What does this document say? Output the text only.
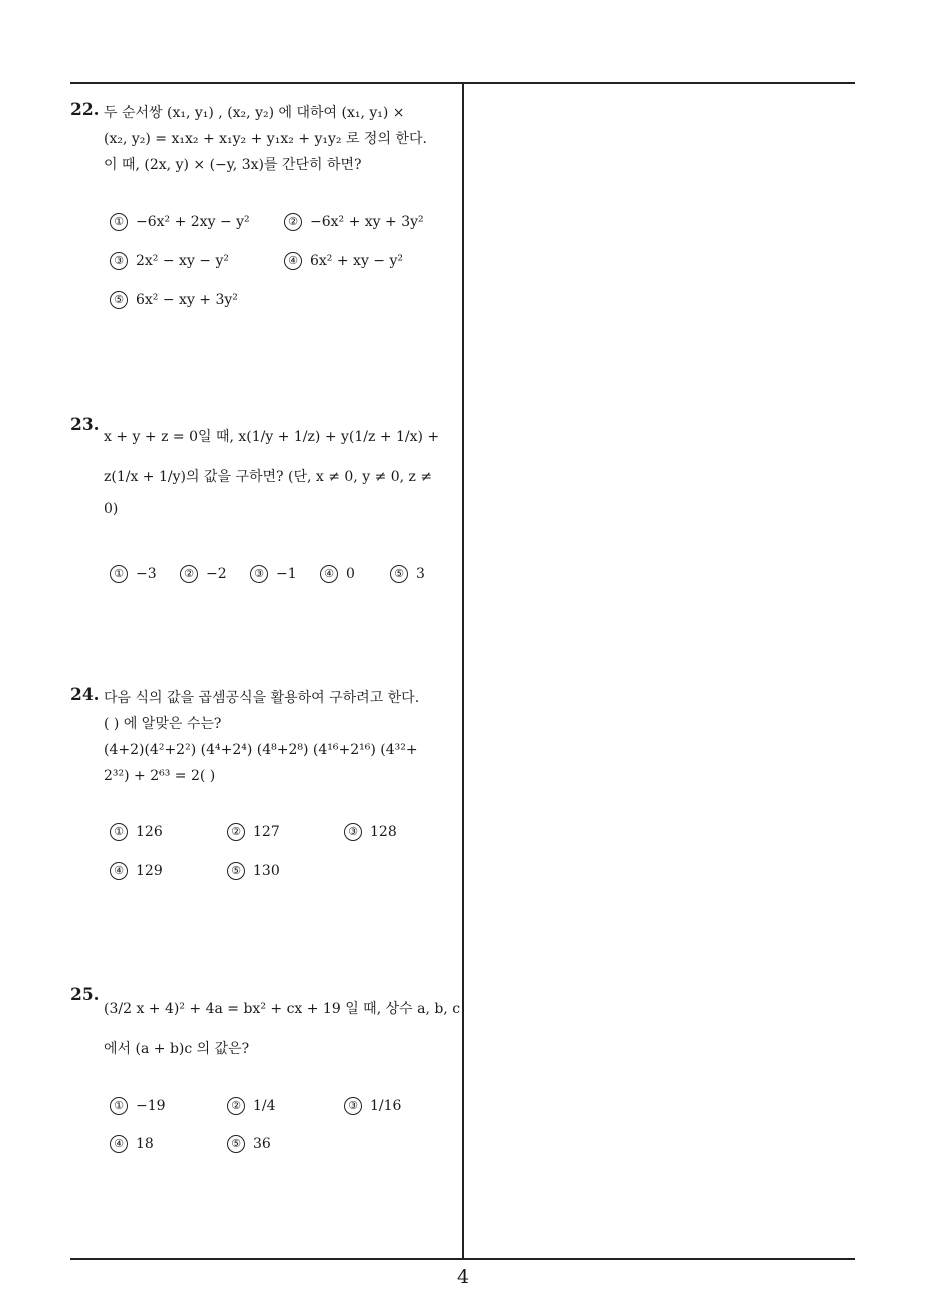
22. 두 순서쌍 (x₁, y₁) , (x₂, y₂) 에 대하여 (x₁, y₁) ×
(x₂, y₂) = x₁x₂ + x₁y₂ + y₁x₂ + y₁y₂ 로 정의 한다.
이 때, (2x, y) × (−y, 3x)를 간단히 하면?
① −6x² + 2xy − y²	② −6x² + xy + 3y²
③ 2x² − xy − y²	④ 6x² + xy − y²
⑤ 6x² − xy + 3y²
23.
x + y + z = 0일 때, x(1/y + 1/z) + y(1/z + 1/x) +
z(1/x + 1/y)의 값을 구하면? (단, x ≠ 0, y ≠ 0, z ≠
0)
① −3	② −2	③ −1	④ 0	⑤ 3
24. 다음 식의 값을 곱셈공식을 활용하여 구하려고 한다.
( ) 에 알맞은 수는?
(4+2)(4²+2²) (4⁴+2⁴) (4⁸+2⁸) (4¹⁶+2¹⁶) (4³²+
2³²) + 2⁶³ = 2( )
① 126	② 127	③ 128
④ 129	⑤ 130
25.
(3/2 x + 4)² + 4a = bx² + cx + 19 일 때, 상수 a, b, c
에서 (a + b)c 의 값은?
① −19	② 1/4	③ 1/16
④ 18	⑤ 36
4
